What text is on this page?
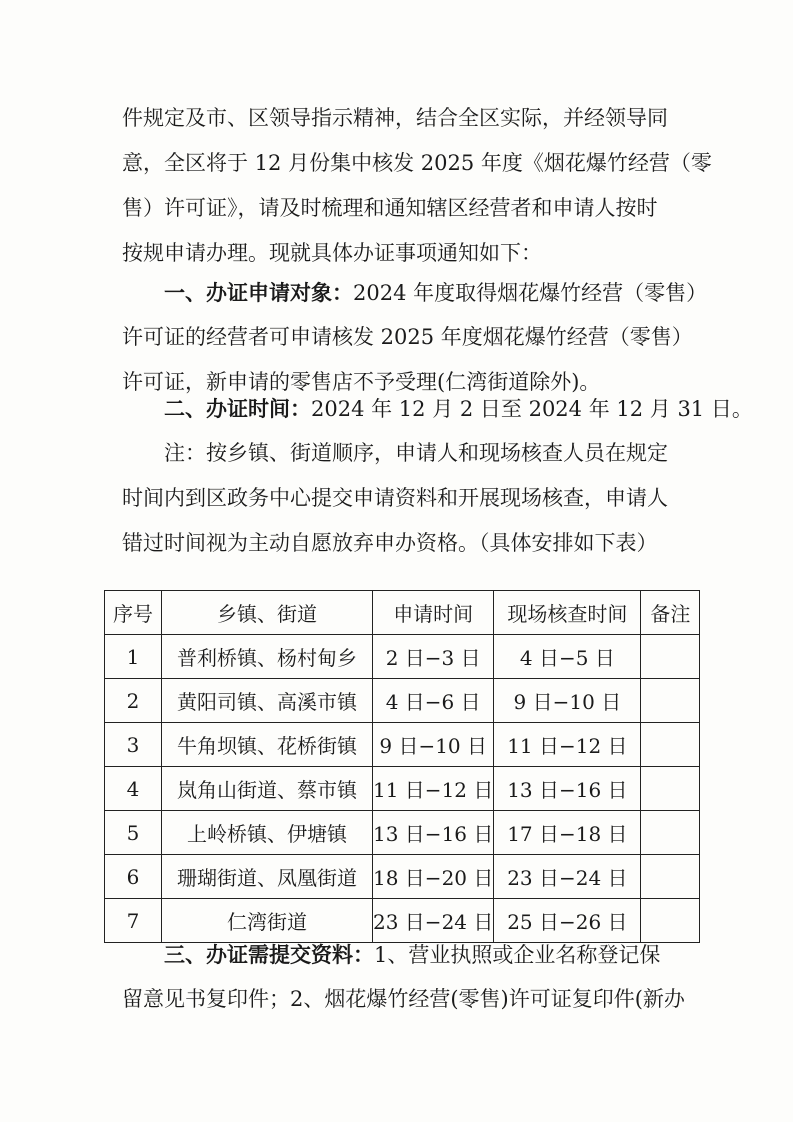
件规定及市、区领导指示精神，结合全区实际，并经领导同
意，全区将于 12 月份集中核发 2025 年度《烟花爆竹经营（零
售）许可证》，请及时梳理和通知辖区经营者和申请人按时
按规申请办理。现就具体办证事项通知如下：
一、办证申请对象：2024 年度取得烟花爆竹经营（零售）
许可证的经营者可申请核发 2025 年度烟花爆竹经营（零售）
许可证，新申请的零售店不予受理(仁湾街道除外)。
二、办证时间：2024 年 12 月 2 日至 2024 年 12 月 31 日。
注：按乡镇、街道顺序，申请人和现场核查人员在规定
时间内到区政务中心提交申请资料和开展现场核查，申请人
错过时间视为主动自愿放弃申办资格。（具体安排如下表）
序号	乡镇、街道	申请时间	现场核查时间	备注
1	普利桥镇、杨村甸乡	2 日−3 日	4 日−5 日	
2	黄阳司镇、高溪市镇	4 日−6 日	9 日−10 日	
3	牛角坝镇、花桥街镇	9 日−10 日	11 日−12 日	
4	岚角山街道、蔡市镇	11 日−12 日	13 日−16 日	
5	上岭桥镇、伊塘镇	13 日−16 日	17 日−18 日	
6	珊瑚街道、凤凰街道	18 日−20 日	23 日−24 日	
7	仁湾街道	23 日−24 日	25 日−26 日	
三、办证需提交资料：1、营业执照或企业名称登记保
留意见书复印件；2、烟花爆竹经营(零售)许可证复印件(新办
